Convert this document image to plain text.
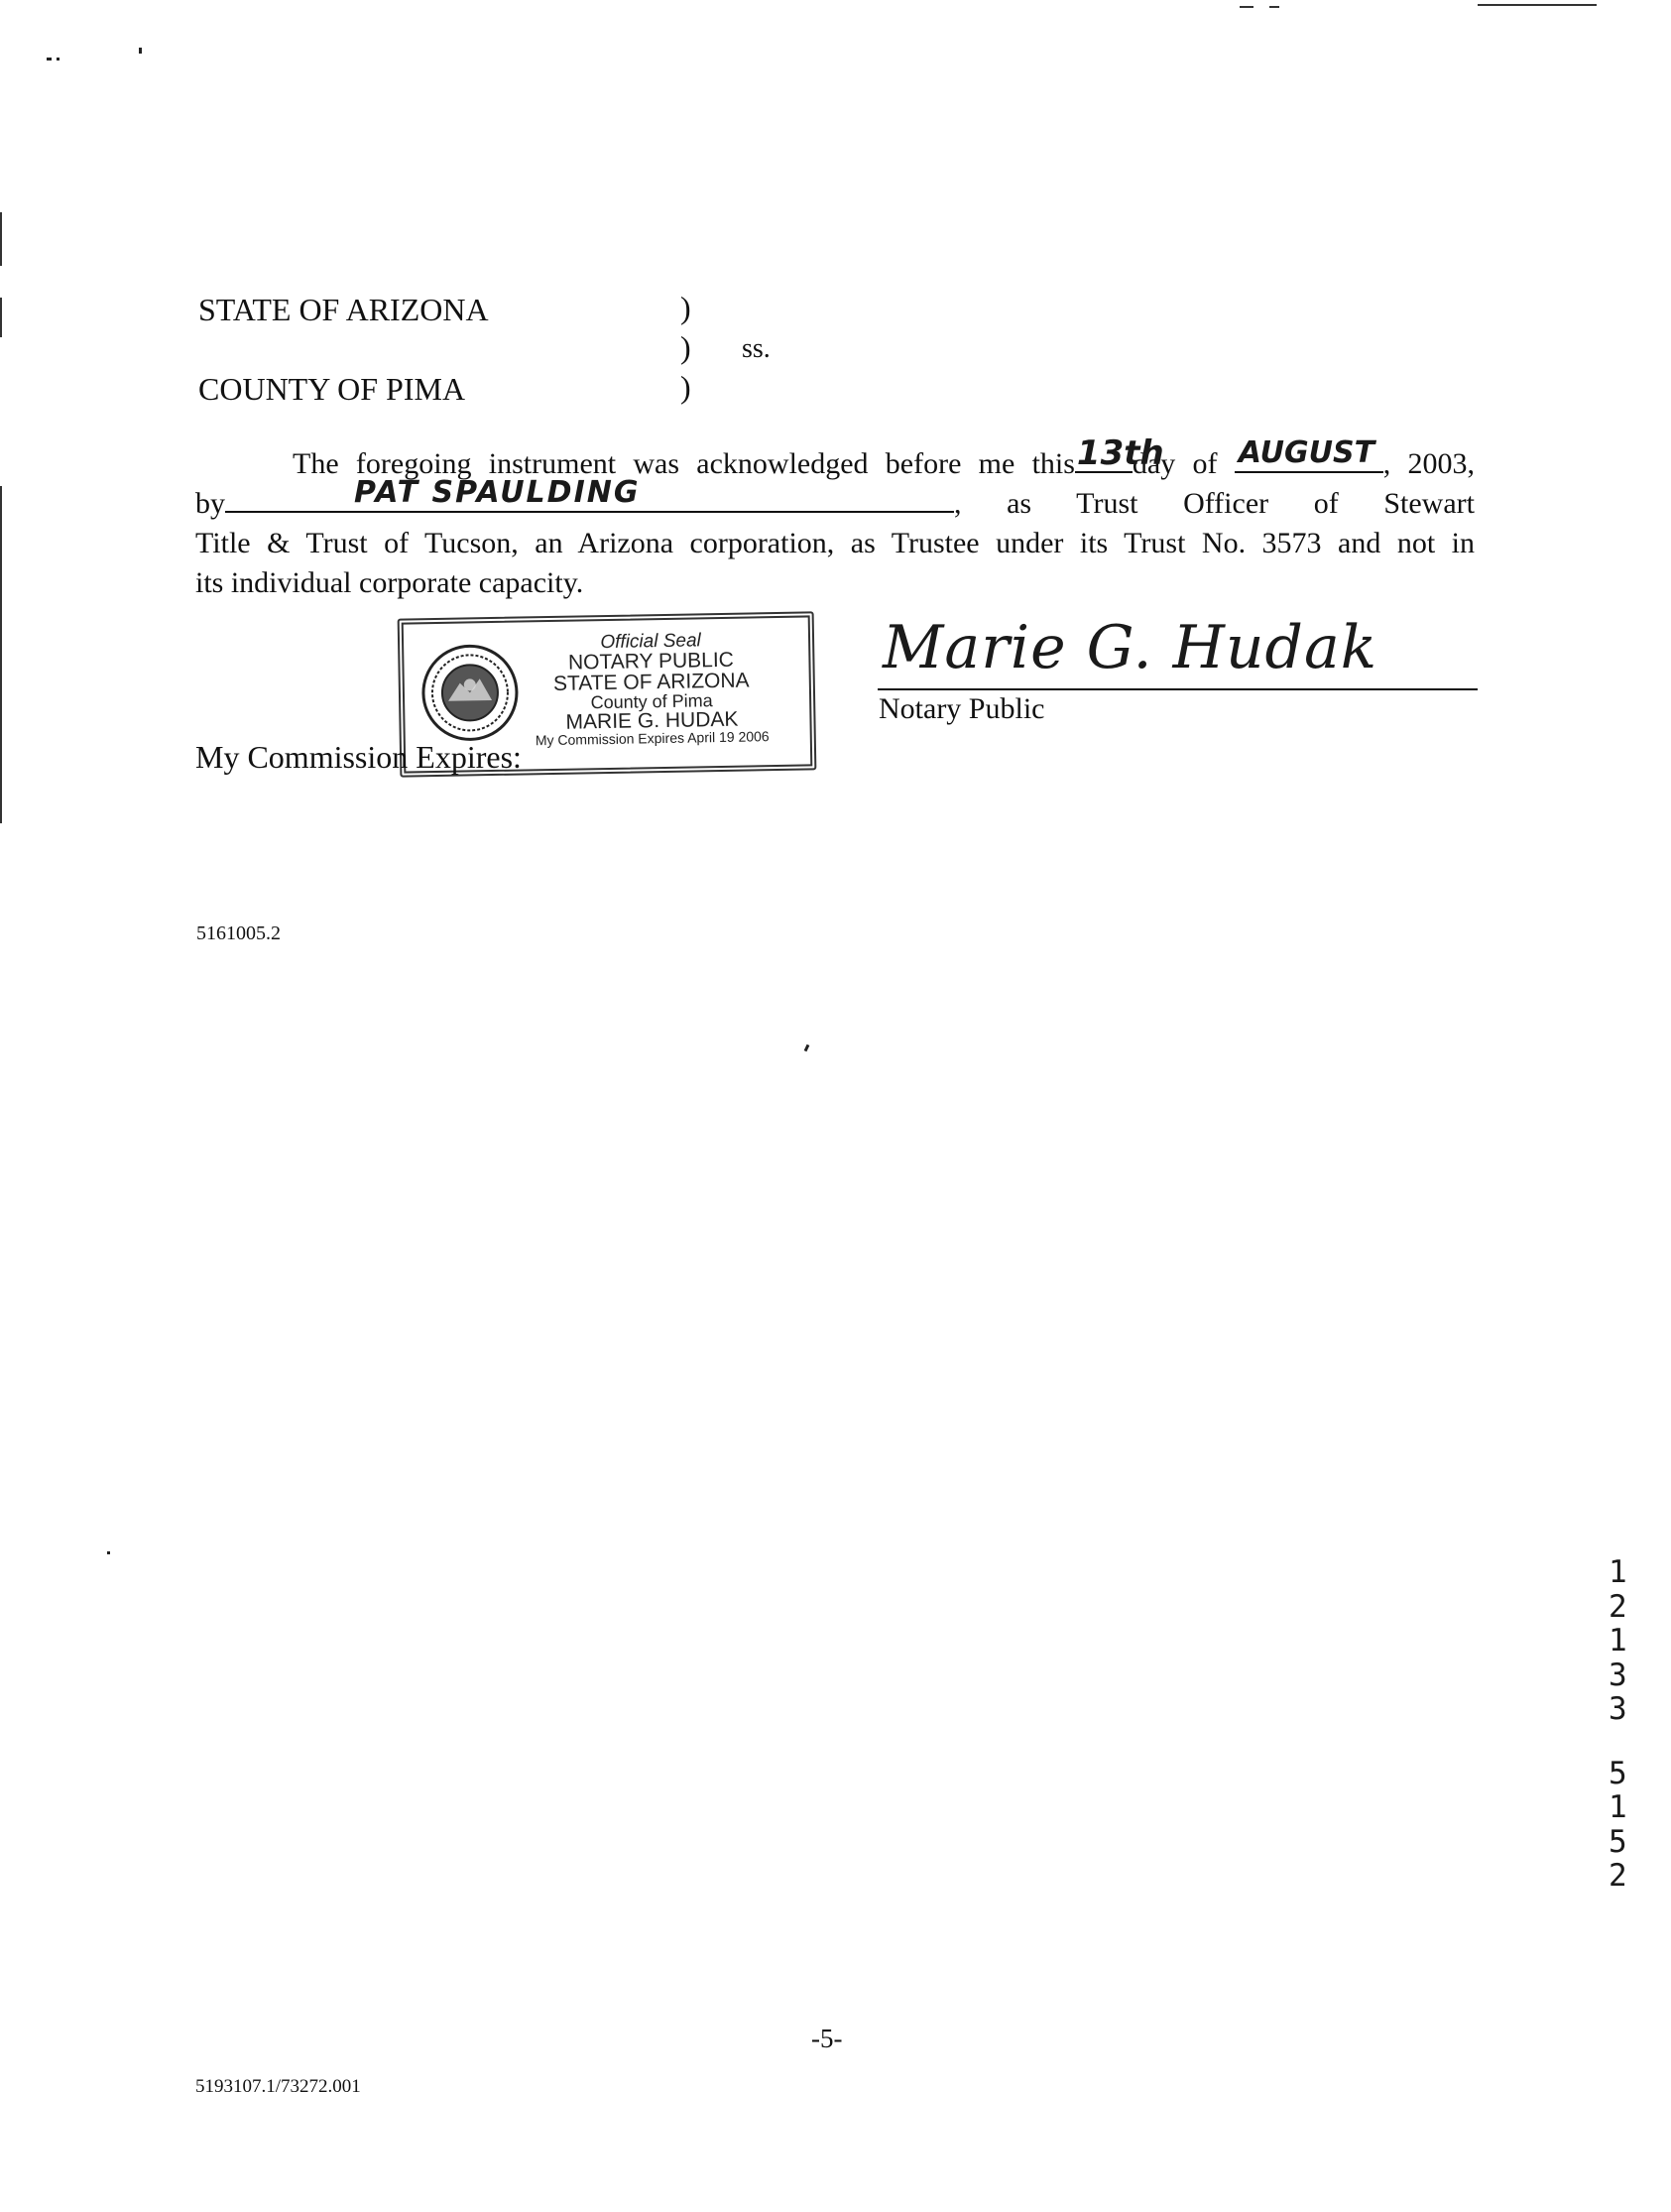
STATE OF ARIZONA
COUNTY OF PIMA
)
)
)
ss.

The foregoing instrument was acknowledged before me this 13th
day of AUGUST , 2003,

by	PAT SPAULDING	, as Trust Officer of Stewart

Title & Trust of Tucson, an Arizona corporation, as Trustee under its Trust No. 3573 and not in

its individual corporate capacity.

Official Seal
NOTARY PUBLIC
STATE OF ARIZONA
County of Pima
MARIE G. HUDAK
My Commission Expires April 19 2006
My Commission Expires:
Marie G. Hudak
Notary Public
5161005.2
1
2
1
3
3
5
1
5
2
-5-
5193107.1/73272.001
